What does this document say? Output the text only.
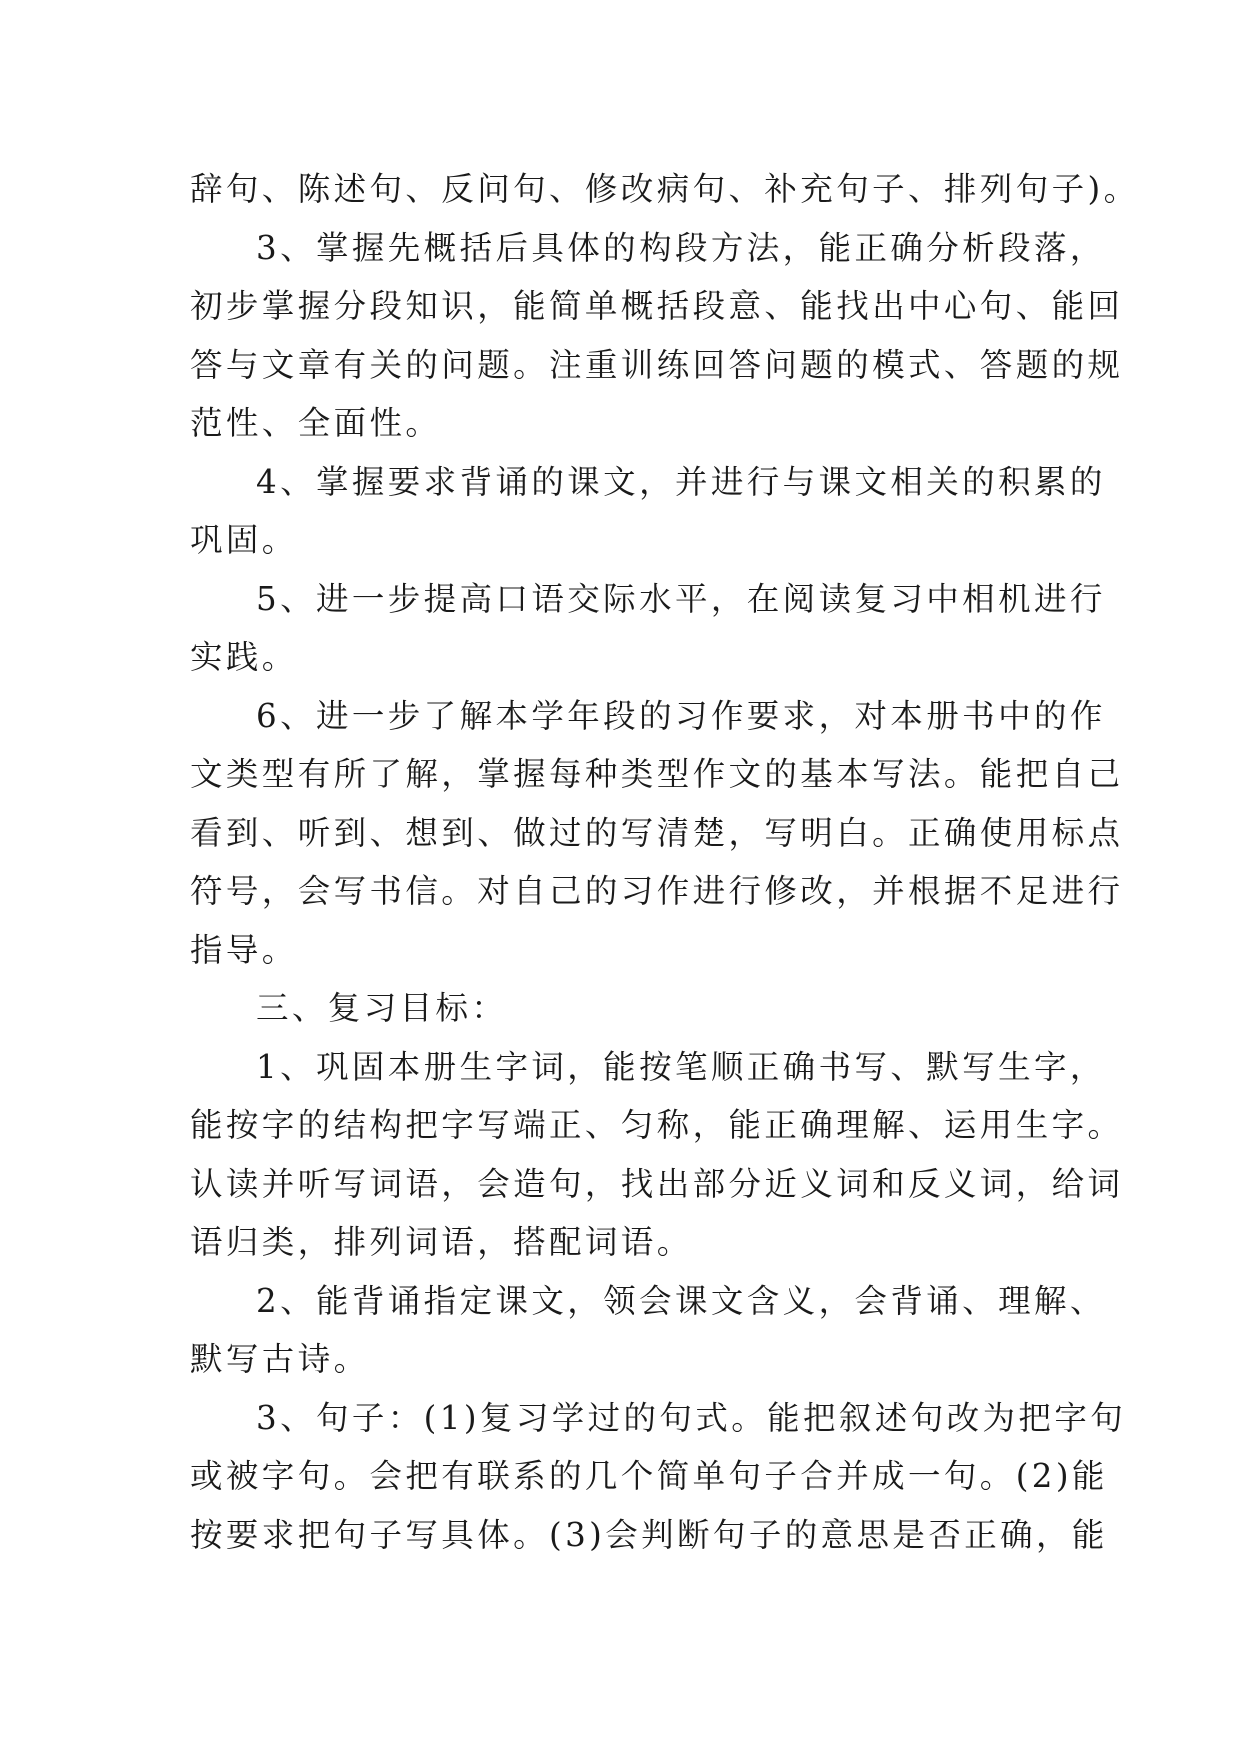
辞句、陈述句、反问句、修改病句、补充句子、排列句子)。
3、掌握先概括后具体的构段方法，能正确分析段落，
初步掌握分段知识，能简单概括段意、能找出中心句、能回
答与文章有关的问题。注重训练回答问题的模式、答题的规
范性、全面性。
4、掌握要求背诵的课文，并进行与课文相关的积累的
巩固。
5、进一步提高口语交际水平，在阅读复习中相机进行
实践。
6、进一步了解本学年段的习作要求，对本册书中的作
文类型有所了解，掌握每种类型作文的基本写法。能把自己
看到、听到、想到、做过的写清楚，写明白。正确使用标点
符号，会写书信。对自己的习作进行修改，并根据不足进行
指导。
三、复习目标：
1、巩固本册生字词，能按笔顺正确书写、默写生字，
能按字的结构把字写端正、匀称，能正确理解、运用生字。
认读并听写词语，会造句，找出部分近义词和反义词，给词
语归类，排列词语，搭配词语。
2、能背诵指定课文，领会课文含义，会背诵、理解、
默写古诗。
3、句子：(1)复习学过的句式。能把叙述句改为把字句
或被字句。会把有联系的几个简单句子合并成一句。(2)能
按要求把句子写具体。(3)会判断句子的意思是否正确，能
